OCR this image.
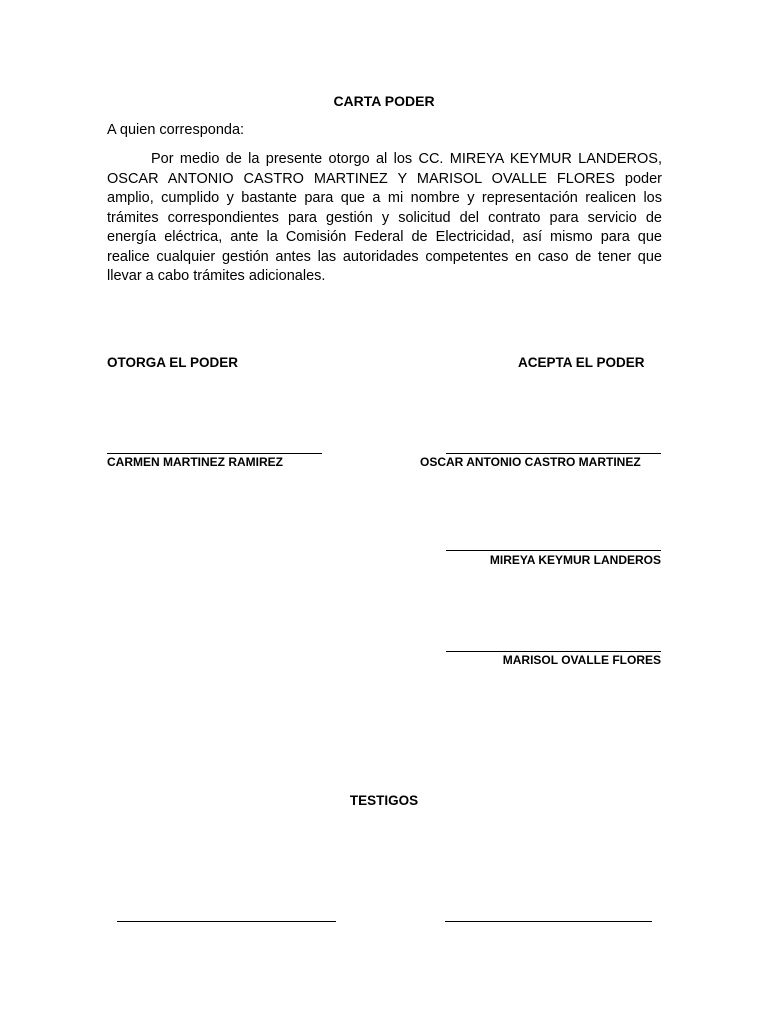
CARTA PODER
A quien corresponda:

Por medio de la presente otorgo al los CC. MIREYA KEYMUR LANDEROS, OSCAR ANTONIO CASTRO MARTINEZ Y MARISOL OVALLE FLORES poder amplio, cumplido y bastante para que a mi nombre y representación realicen los trámites correspondientes para gestión y solicitud del contrato para servicio de energía eléctrica, ante la Comisión Federal de Electricidad, así mismo para que realice cualquier gestión antes las autoridades competentes en caso de tener que llevar a cabo trámites adicionales.

OTORGA EL PODER	ACEPTA EL PODER
CARMEN MARTINEZ RAMIREZ	OSCAR ANTONIO CASTRO MARTINEZ
MIREYA KEYMUR LANDEROS
MARISOL OVALLE FLORES
TESTIGOS
